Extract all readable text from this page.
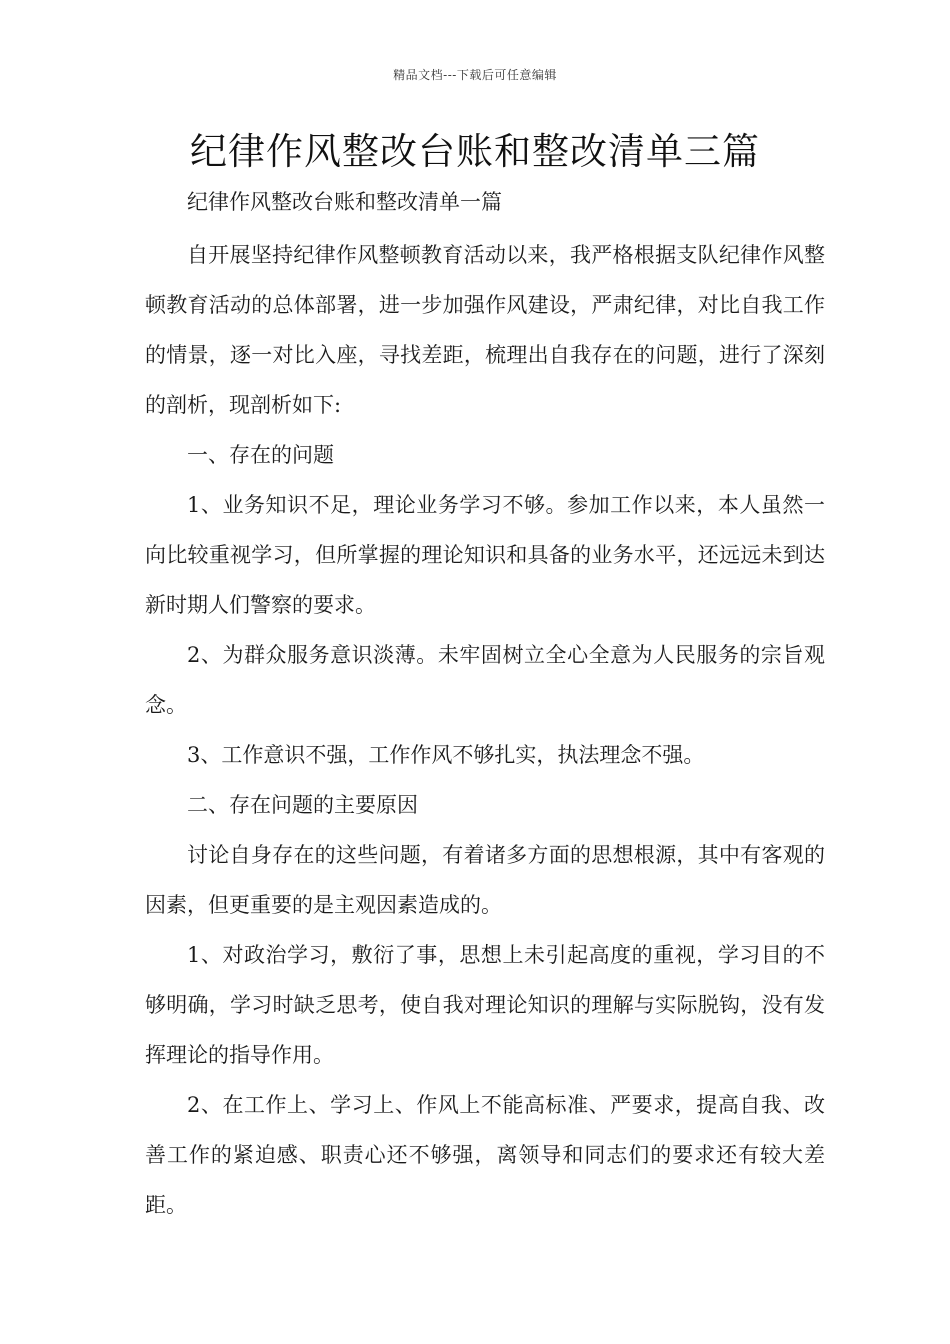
精品文档---下载后可任意编辑
纪律作风整改台账和整改清单三篇

纪律作风整改台账和整改清单一篇

自开展坚持纪律作风整顿教育活动以来，我严格根据支队纪律作风整顿教育活动的总体部署，进一步加强作风建设，严肃纪律，对比自我工作的情景，逐一对比入座，寻找差距，梳理出自我存在的问题，进行了深刻的剖析，现剖析如下:

一、存在的问题

1、业务知识不足，理论业务学习不够。参加工作以来，本人虽然一向比较重视学习，但所掌握的理论知识和具备的业务水平，还远远未到达新时期人们警察的要求。

2、为群众服务意识淡薄。未牢固树立全心全意为人民服务的宗旨观念。

3、工作意识不强，工作作风不够扎实，执法理念不强。

二、存在问题的主要原因

讨论自身存在的这些问题，有着诸多方面的思想根源，其中有客观的因素，但更重要的是主观因素造成的。

1、对政治学习，敷衍了事，思想上未引起高度的重视，学习目的不够明确，学习时缺乏思考，使自我对理论知识的理解与实际脱钩，没有发挥理论的指导作用。

2、在工作上、学习上、作风上不能高标准、严要求，提高自我、改善工作的紧迫感、职责心还不够强，离领导和同志们的要求还有较大差距。
